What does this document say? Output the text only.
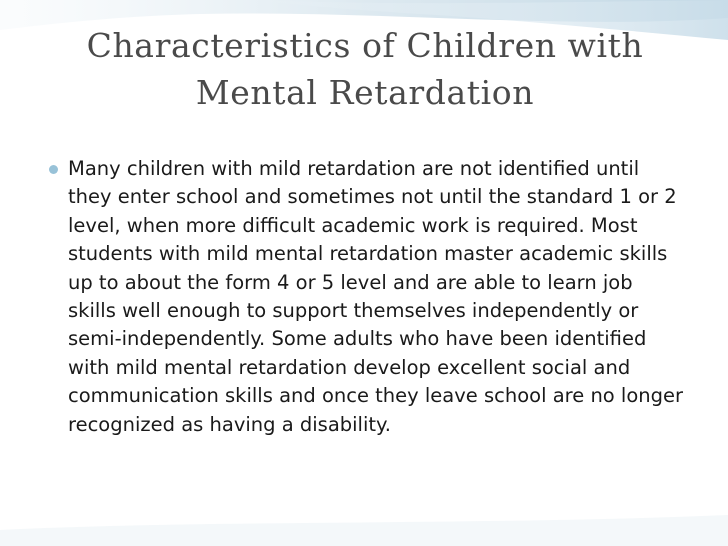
Characteristics of Children with Mental Retardation
Many children with mild retardation are not identified until they enter school and sometimes not until the standard 1 or 2 level, when more difficult academic work is required. Most students with mild mental retardation master academic skills up to about the form 4 or 5 level and are able to learn job skills well enough to support themselves independently or semi-independently. Some adults who have been identified with mild mental retardation develop excellent social and communication skills and once they leave school are no longer recognized as having a disability.
